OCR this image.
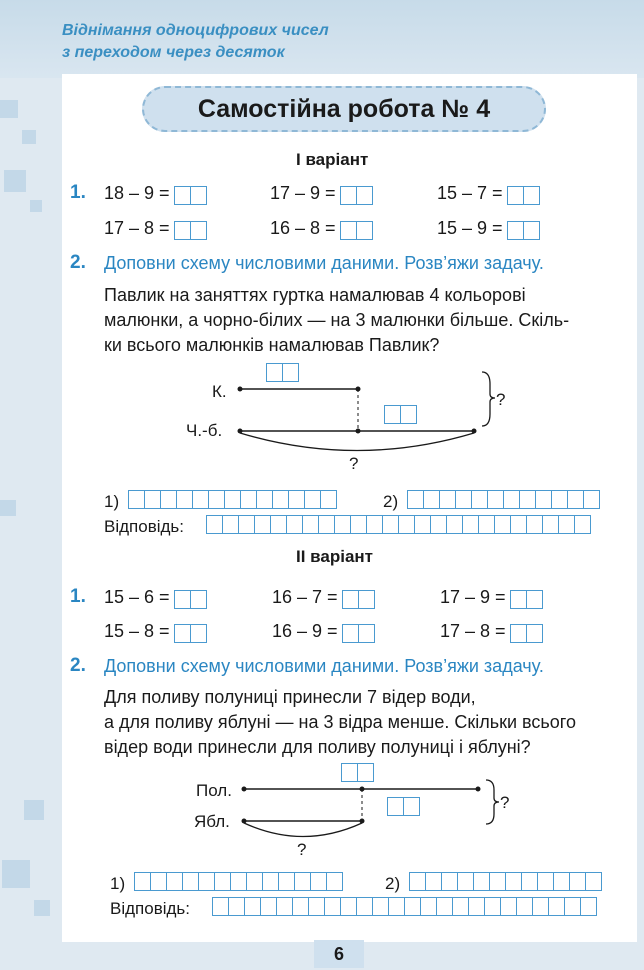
Віднімання одноцифрових чисел
з переходом через десяток
Самостійна робота № 4
І варіант
1. 18 – 9 =	17 – 9 =	15 – 7 =
17 – 8 =	16 – 8 =	15 – 9 =
2. Доповни схему числовими даними. Розв’яжи задачу.
Павлик на заняттях гуртка намалював 4 кольорові
малюнки, а чорно-білих — на 3 малюнки більше. Скіль-
ки всього малюнків намалював Павлик?
К.
Ч.-б.
?
?
1)	2)
Відповідь:
ІІ варіант
1. 15 – 6 =	16 – 7 =	17 – 9 =
15 – 8 =	16 – 9 =	17 – 8 =
2. Доповни схему числовими даними. Розв’яжи задачу.
Для поливу полуниці принесли 7 відер води,
а для поливу яблуні — на 3 відра менше. Скільки всього
відер води принесли для поливу полуниці і яблуні?
Пол.
Ябл.
?
?
1)	2)
Відповідь:
6
